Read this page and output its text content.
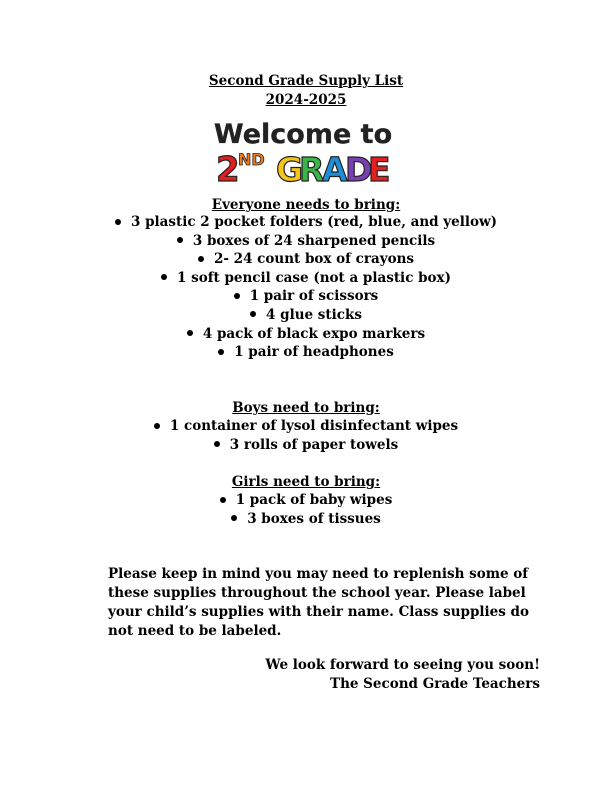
Second Grade Supply List
2024-2025
Welcome to
2
ND G
R
A
D
E
Everyone needs to bring:
3 plastic 2 pocket folders (red, blue, and yellow)
3 boxes of 24 sharpened pencils
2- 24 count box of crayons
1 soft pencil case (not a plastic box)
1 pair of scissors
4 glue sticks
4 pack of black expo markers
1 pair of headphones
Boys need to bring:
1 container of lysol disinfectant wipes
3 rolls of paper towels
Girls need to bring:
1 pack of baby wipes
3 boxes of tissues
Please keep in mind you may need to replenish some of these supplies throughout the school year. Please label your child’s supplies with their name. Class supplies do not need to be labeled.
We look forward to seeing you soon!
The Second Grade Teachers
